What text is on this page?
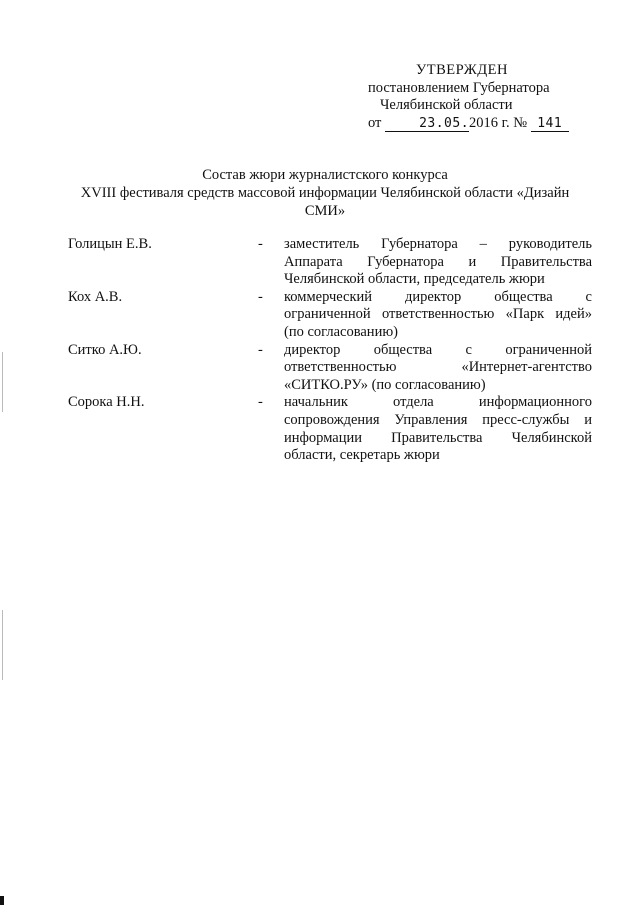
УТВЕРЖДЕН
постановлением Губернатора
Челябинской области
от	23.05.2016 г. № 141
Состав жюри журналистского конкурса
XVIII фестиваля средств массовой информации Челябинской области «Дизайн
СМИ»
Голицын Е.В.	-	заместитель Губернатора – руководитель Аппарата Губернатора и Правительства Челябинской области, председатель жюри
Кох А.В.	-	коммерческий директор общества с ограниченной ответственностью «Парк идей» (по согласованию)
Ситко А.Ю.	-	директор общества с ограниченной ответственностью «Интернет-агентство «СИТКО.РУ» (по согласованию)
Сорока Н.Н.	-	начальник отдела информационного сопровождения Управления пресс-службы и информации Правительства Челябинской области, секретарь жюри
